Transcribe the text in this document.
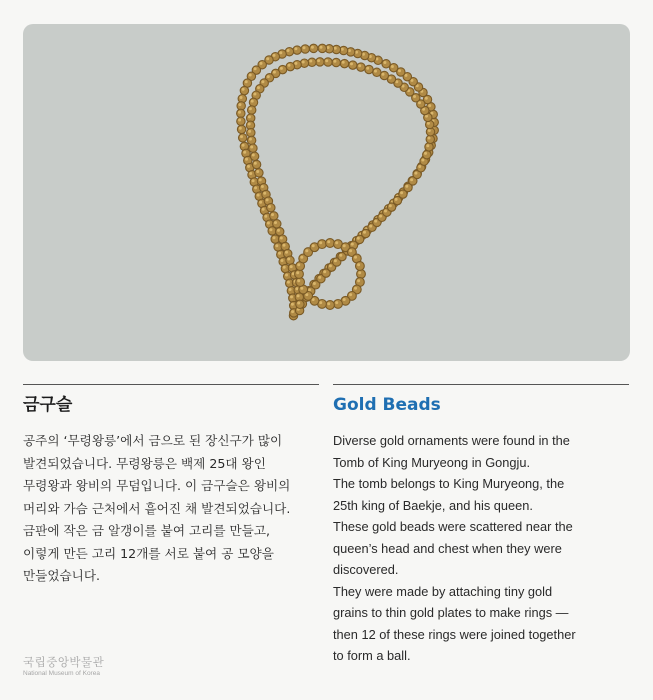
금구슬
공주의 ‘무령왕릉’에서 금으로 된 장신구가 많이
발견되었습니다. 무령왕릉은 백제 25대 왕인
무령왕과 왕비의 무덤입니다. 이 금구슬은 왕비의
머리와 가슴 근처에서 흩어진 채 발견되었습니다.
금판에 작은 금 알갱이를 붙여 고리를 만들고,
이렇게 만든 고리 12개를 서로 붙여 공 모양을
만들었습니다.
Gold Beads
Diverse gold ornaments were found in the
Tomb of King Muryeong in Gongju.
The tomb belongs to King Muryeong, the
25th king of Baekje, and his queen.
These gold beads were scattered near the
queen’s head and chest when they were
discovered.
They were made by attaching tiny gold
grains to thin gold plates to make rings —
then 12 of these rings were joined together
to form a ball.
국립중앙박물관
National Museum of Korea
